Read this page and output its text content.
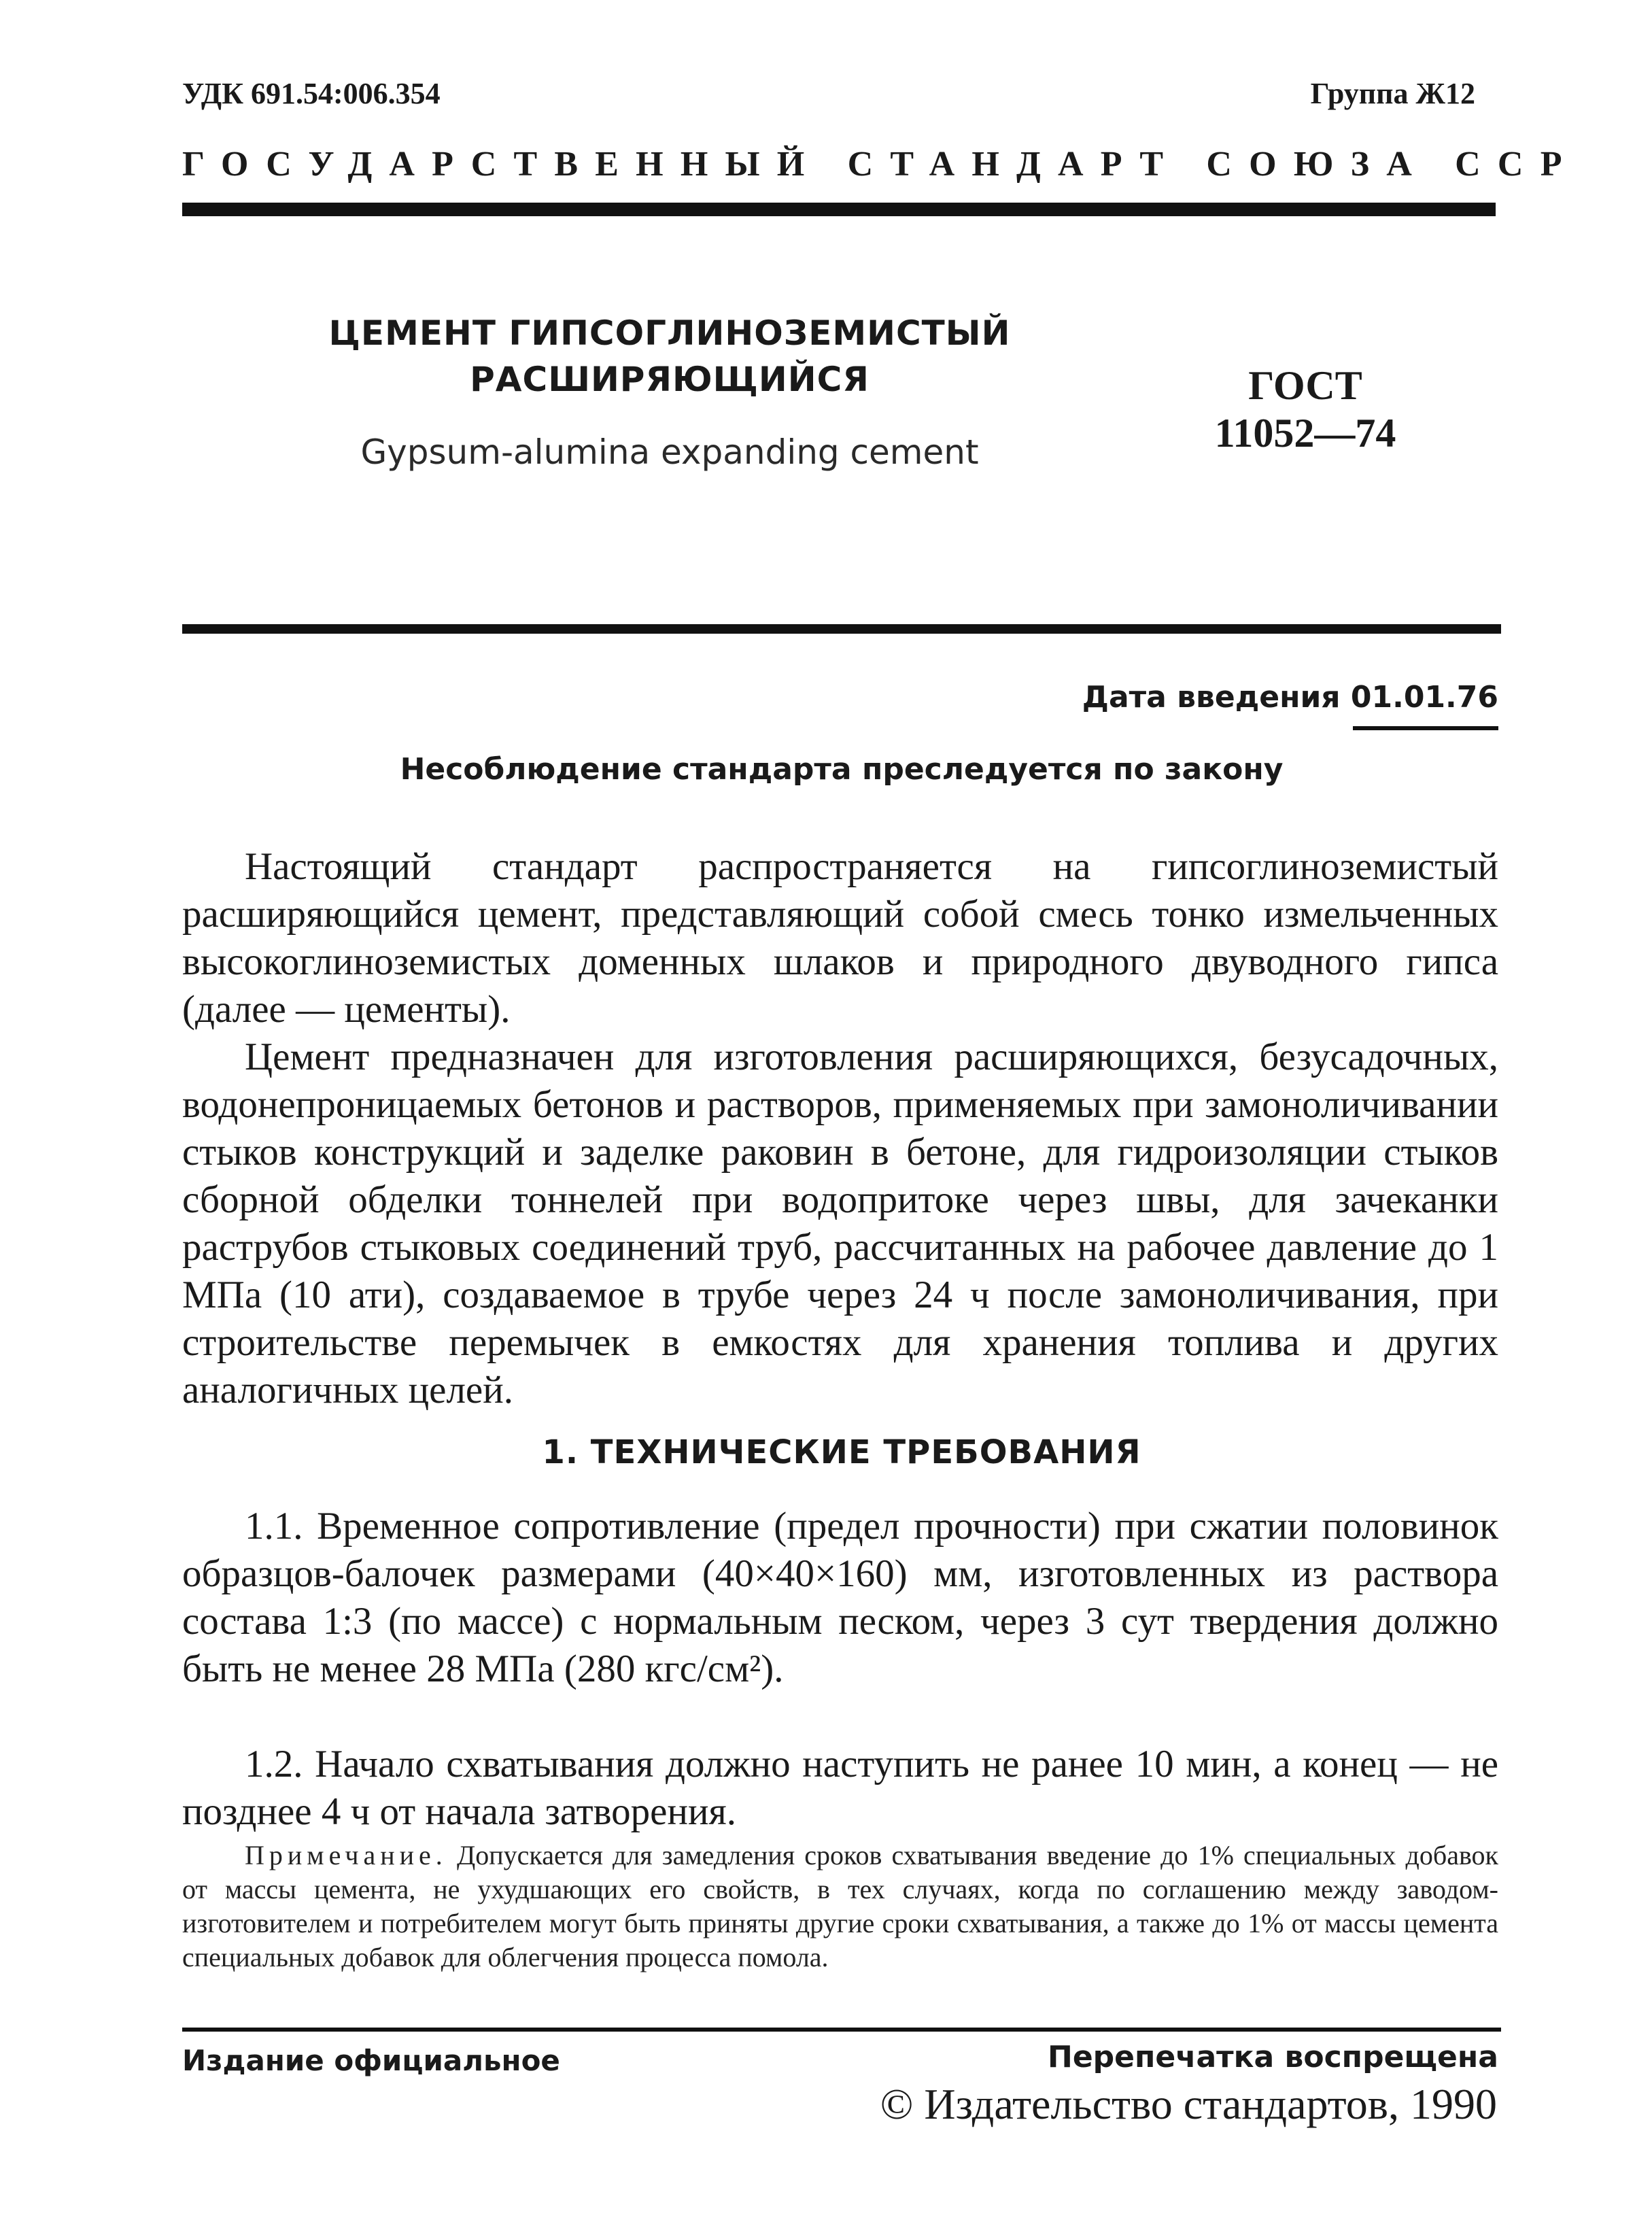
УДК 691.54:006.354	Группа Ж12
ГОСУДАРСТВЕННЫЙ СТАНДАРТ СОЮЗА ССР
ЦЕМЕНТ ГИПСОГЛИНОЗЕМИСТЫЙ
РАСШИРЯЮЩИЙСЯ
Gypsum-alumina expanding cement
ГОСТ
11052—74
Дата введения 01.01.76
Несоблюдение стандарта преследуется по закону

Настоящий стандарт распространяется на гипсоглиноземистый расширяющийся цемент, представляющий собой смесь тонко измельченных высокоглиноземистых доменных шлаков и природного двуводного гипса (далее — цементы).

Цемент предназначен для изготовления расширяющихся, безусадочных, водонепроницаемых бетонов и растворов, применяемых при замоноличивании стыков конструкций и заделке раковин в бетоне, для гидроизоляции стыков сборной обделки тоннелей при водопритоке через швы, для зачеканки раструбов стыковых соединений труб, рассчитанных на рабочее давление до 1 МПа (10 ати), создаваемое в трубе через 24 ч после замоноличивания, при строительстве перемычек в емкостях для хранения топлива и других аналогичных целей.

1. ТЕХНИЧЕСКИЕ ТРЕБОВАНИЯ

1.1. Временное сопротивление (предел прочности) при сжатии половинок образцов-балочек размерами (40×40×160) мм, изготовленных из раствора состава 1:3 (по массе) с нормальным песком, через 3 сут твердения должно быть не менее 28 МПа (280 кгс/см²).

1.2. Начало схватывания должно наступить не ранее 10 мин, а конец — не позднее 4 ч от начала затворения.

Примечание. Допускается для замедления сроков схватывания введение до 1% специальных добавок от массы цемента, не ухудшающих его свойств, в тех случаях, когда по соглашению между заводом-изготовителем и потребителем могут быть приняты другие сроки схватывания, а также до 1% от массы цемента специальных добавок для облегчения процесса помола.

Издание официальное	Перепечатка воспрещена
© Издательство стандартов, 1990
